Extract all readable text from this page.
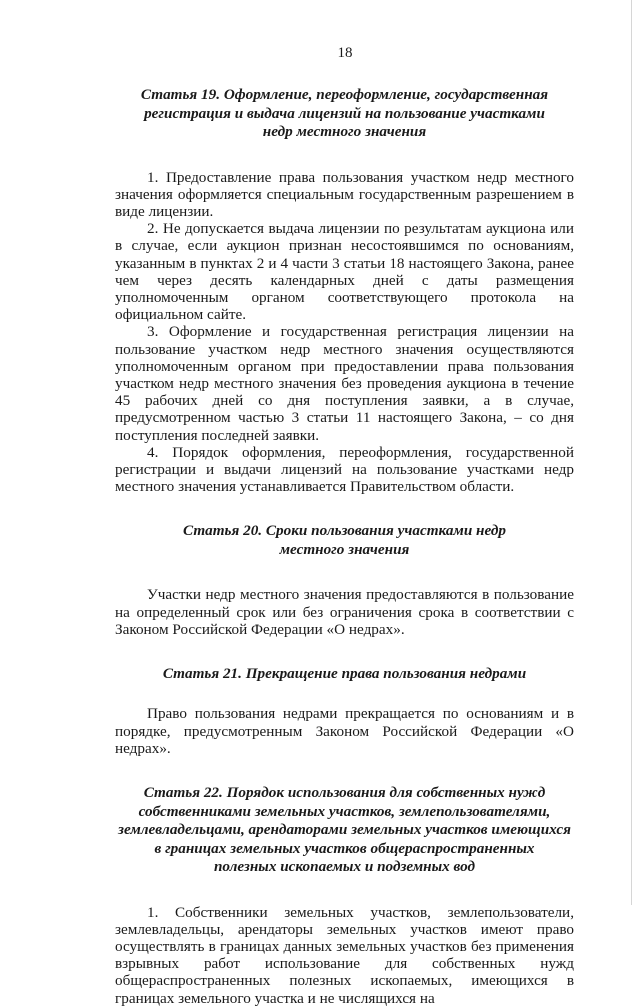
18
Статья 19. Оформление, переоформление, государственная
регистрация и выдача лицензий на пользование участками
недр местного значения

1. Предоставление права пользования участком недр местного значения оформляется специальным государственным разрешением в виде лицензии.

2. Не допускается выдача лицензии по результатам аукциона или в случае, если аукцион признан несостоявшимся по основаниям, указанным в пунктах 2 и 4 части 3 статьи 18 настоящего Закона, ранее чем через десять календарных дней с даты размещения уполномоченным органом соответствующего протокола на официальном сайте.

3. Оформление и государственная регистрация лицензии на пользование участком недр местного значения осуществляются уполномоченным органом при предоставлении права пользования участком недр местного значения без проведения аукциона в течение 45 рабочих дней со дня поступления заявки, а в случае, предусмотренном частью 3 статьи 11 настоящего Закона, – со дня поступления последней заявки.

4. Порядок оформления, переоформления, государственной регистрации и выдачи лицензий на пользование участками недр местного значения устанавливается Правительством области.

Статья 20. Сроки пользования участками недр
местного значения

Участки недр местного значения предоставляются в пользование на определенный срок или без ограничения срока в соответствии с Законом Российской Федерации «О недрах».

Статья 21. Прекращение права пользования недрами

Право пользования недрами прекращается по основаниям и в порядке, предусмотренным Законом Российской Федерации «О недрах».

Статья 22. Порядок использования для собственных нужд
собственниками земельных участков, землепользователями,
землевладельцами, арендаторами земельных участков имеющихся
в границах земельных участков общераспространенных
полезных ископаемых и подземных вод

1. Собственники земельных участков, землепользователи, землевладельцы, арендаторы земельных участков имеют право осуществлять в границах данных земельных участков без применения взрывных работ использование для собственных нужд общераспространенных полезных ископаемых, имеющихся в границах земельного участка и не числящихся на
